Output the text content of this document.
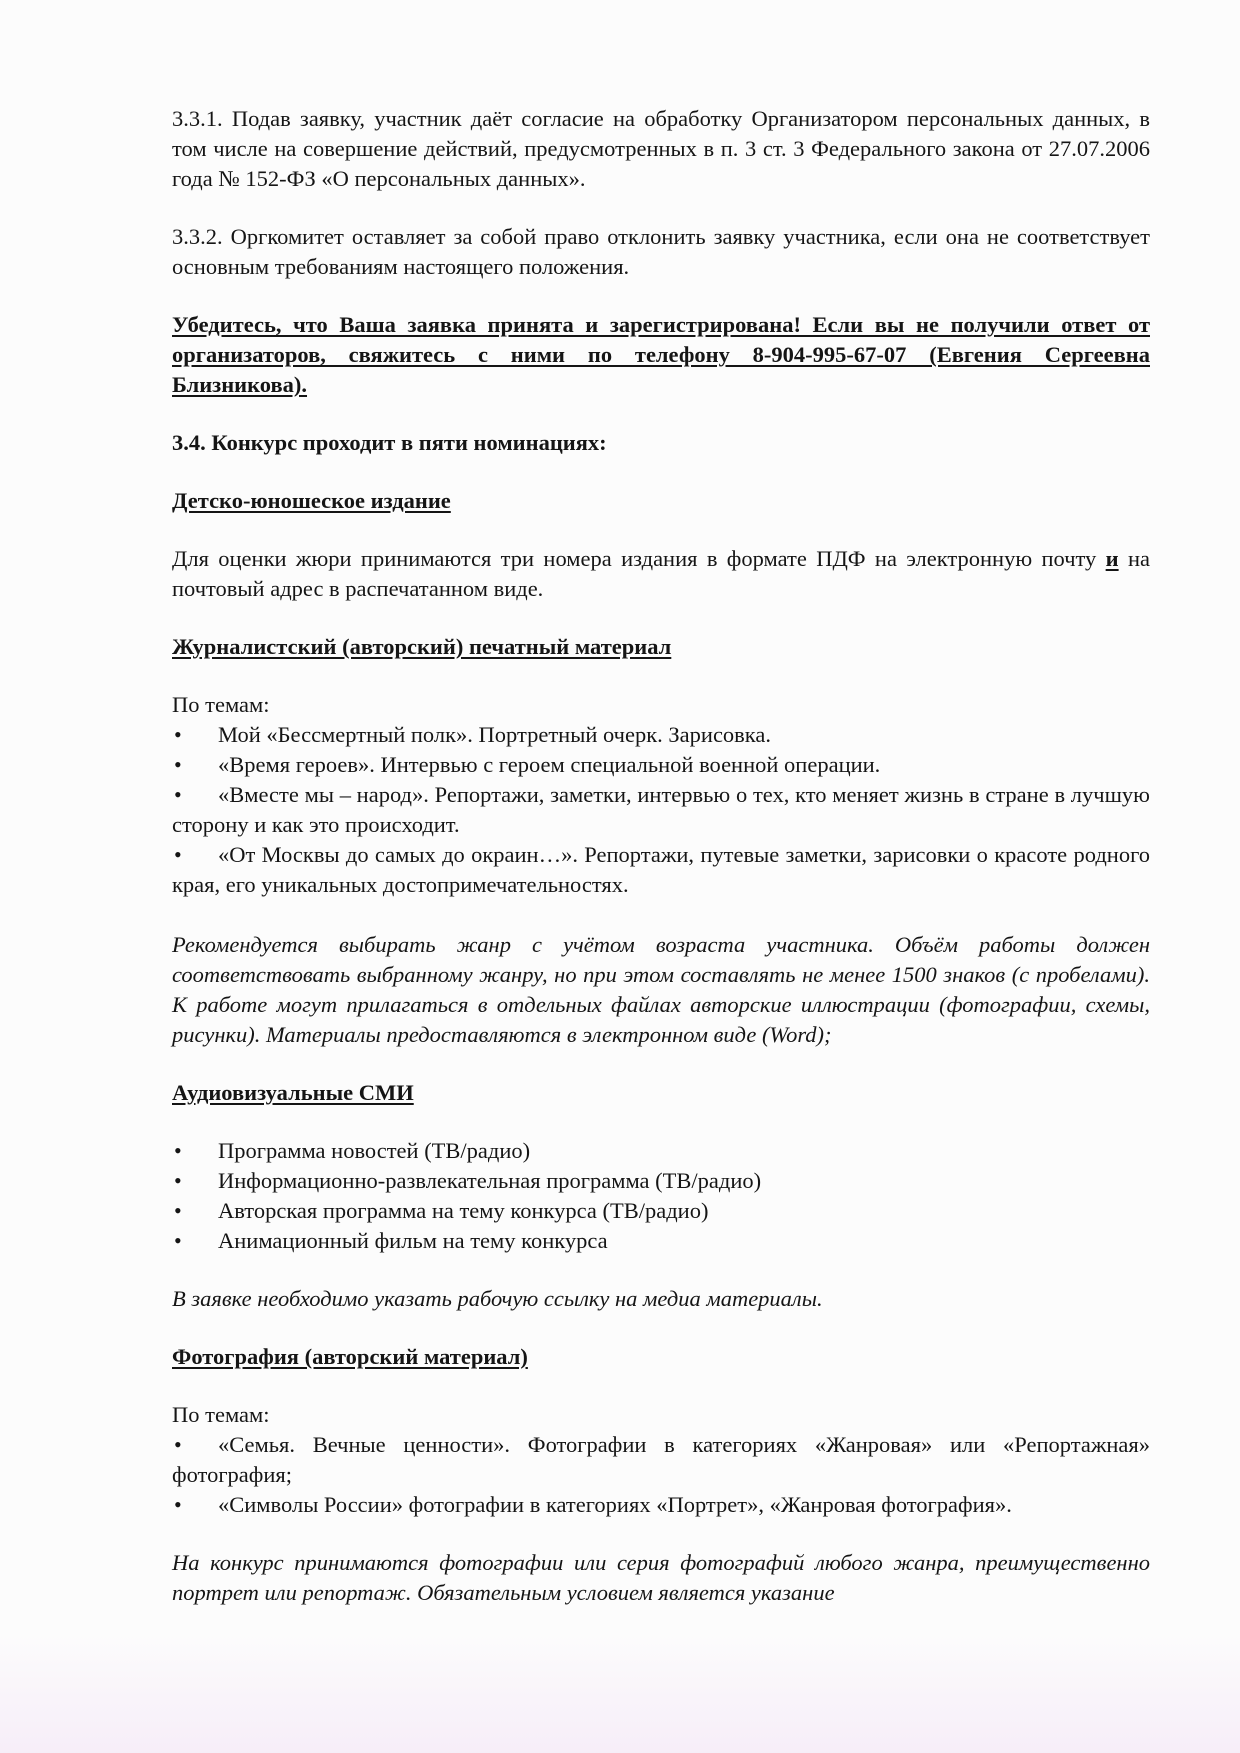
3.3.1. Подав заявку, участник даёт согласие на обработку Организатором персональных данных, в том числе на совершение действий, предусмотренных в п. 3 ст. 3 Федерального закона от 27.07.2006 года № 152-ФЗ «О персональных данных».

3.3.2. Оргкомитет оставляет за собой право отклонить заявку участника, если она не соответствует основным требованиям настоящего положения.

Убедитесь, что Ваша заявка принята и зарегистрирована! Если вы не получили ответ от организаторов, свяжитесь с ними по телефону 8-904-995-67-07 (Евгения Сергеевна Близникова).

3.4. Конкурс проходит в пяти номинациях:

Детско-юношеское издание

Для оценки жюри принимаются три номера издания в формате ПДФ на электронную почту и на почтовый адрес в распечатанном виде.

Журналистский (авторский) печатный материал

По темам:

• Мой «Бессмертный полк». Портретный очерк. Зарисовка.
• «Время героев». Интервью с героем специальной военной операции.
• «Вместе мы – народ». Репортажи, заметки, интервью о тех, кто меняет жизнь в стране в лучшую сторону и как это происходит.
• «От Москвы до самых до окраин…». Репортажи, путевые заметки, зарисовки о красоте родного края, его уникальных достопримечательностях.

Рекомендуется выбирать жанр с учётом возраста участника. Объём работы должен соответствовать выбранному жанру, но при этом составлять не менее 1500 знаков (с пробелами). К работе могут прилагаться в отдельных файлах авторские иллюстрации (фотографии, схемы, рисунки). Материалы предоставляются в электронном виде (Word);

Аудиовизуальные СМИ

• Программа новостей (ТВ/радио)
• Информационно-развлекательная программа (ТВ/радио)
• Авторская программа на тему конкурса (ТВ/радио)
• Анимационный фильм на тему конкурса

В заявке необходимо указать рабочую ссылку на медиа материалы.

Фотография (авторский материал)

По темам:

• «Семья. Вечные ценности». Фотографии в категориях «Жанровая» или «Репортажная» фотография;
• «Символы России» фотографии в категориях «Портрет», «Жанровая фотография».

На конкурс принимаются фотографии или серия фотографий любого жанра, преимущественно портрет или репортаж. Обязательным условием является указание
